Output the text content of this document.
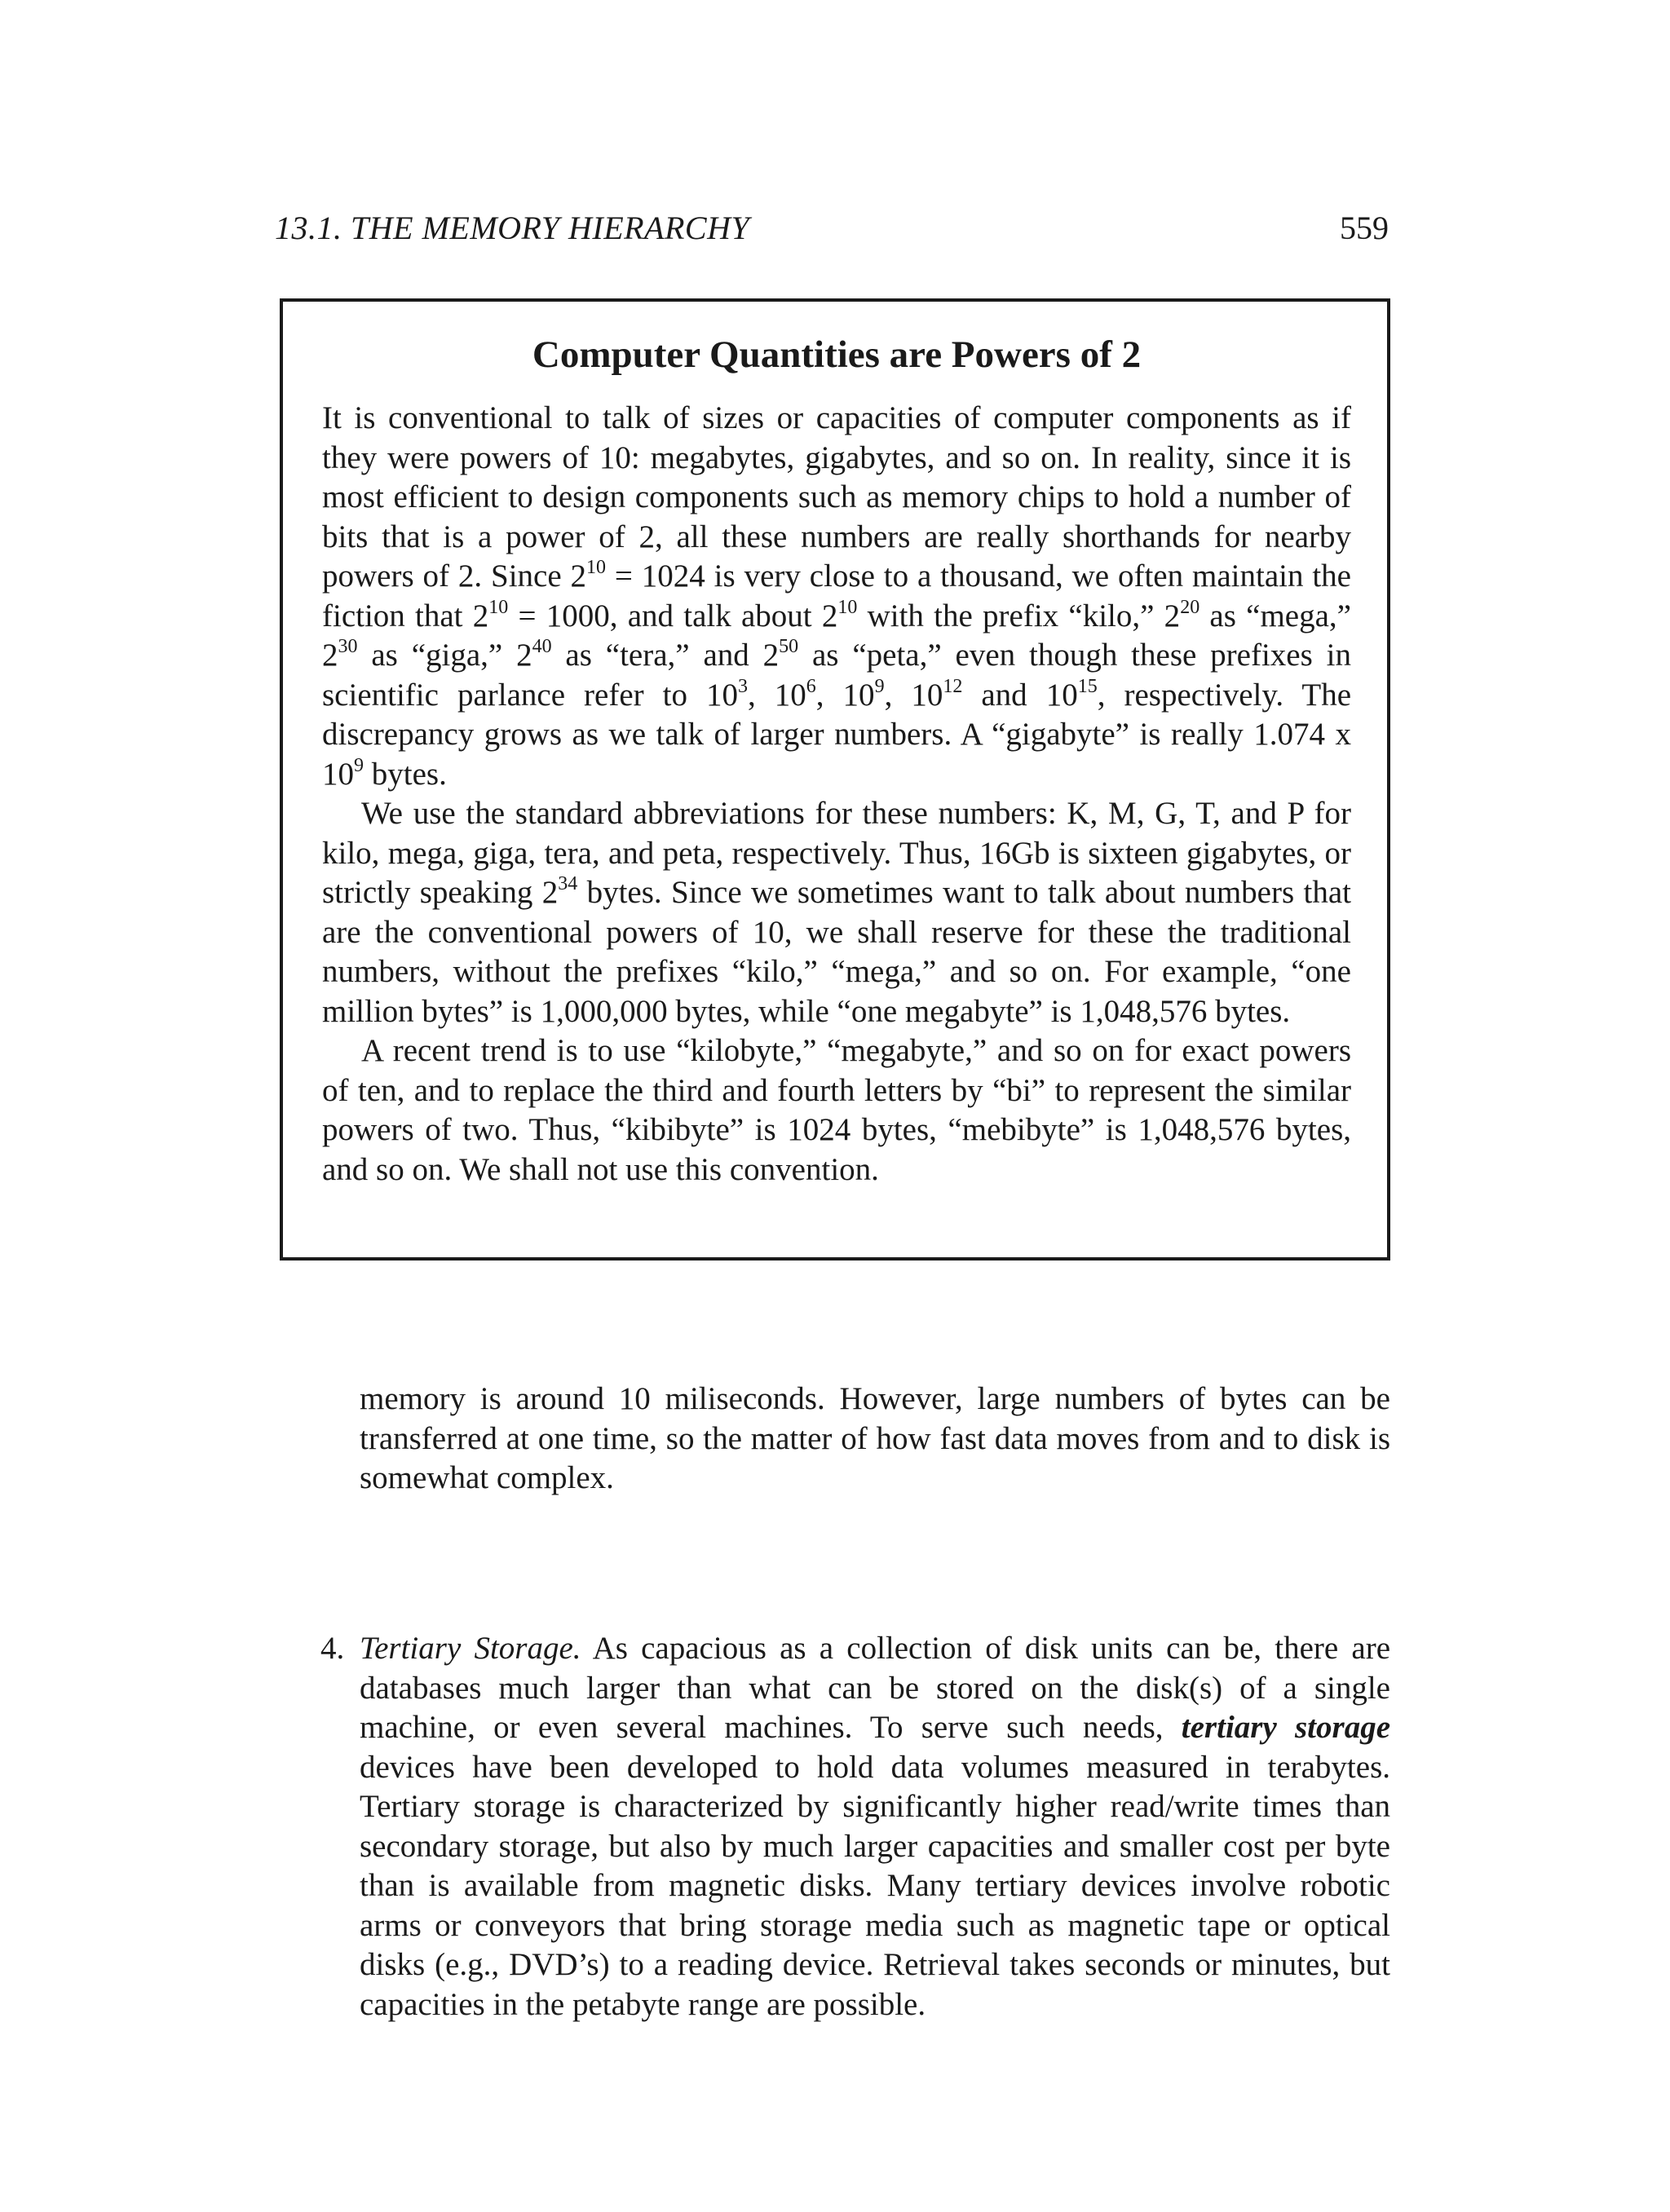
13.1. THE MEMORY HIERARCHY	559
Computer Quantities are Powers of 2

It is conventional to talk of sizes or capacities of computer components as if they were powers of 10: megabytes, gigabytes, and so on. In reality, since it is most efficient to design components such as memory chips to hold a number of bits that is a power of 2, all these numbers are really shorthands for nearby powers of 2. Since $2^{10} = 1024$ is very close to a thousand, we often maintain the fiction that $2^{10} = 1000$, and talk about $2^{10}$ with the prefix “kilo,” $2^{20}$ as “mega,” $2^{30}$ as “giga,” $2^{40}$ as “tera,” and $2^{50}$ as “peta,” even though these prefixes in scientific parlance refer to $10^3$, $10^6$, $10^9$, $10^{12}$ and $10^{15}$, respectively. The discrepancy grows as we talk of larger numbers. A “gigabyte” is really 1.074 x $10^9$ bytes.

We use the standard abbreviations for these numbers: K, M, G, T, and P for kilo, mega, giga, tera, and peta, respectively. Thus, 16Gb is sixteen gigabytes, or strictly speaking $2^{34}$ bytes. Since we sometimes want to talk about numbers that are the conventional powers of 10, we shall reserve for these the traditional numbers, without the prefixes “kilo,” “mega,” and so on. For example, “one million bytes” is 1,000,000 bytes, while “one megabyte” is 1,048,576 bytes.

A recent trend is to use “kilobyte,” “megabyte,” and so on for exact powers of ten, and to replace the third and fourth letters by “bi” to represent the similar powers of two. Thus, “kibibyte” is 1024 bytes, “mebibyte” is 1,048,576 bytes, and so on. We shall not use this convention.

memory is around 10 miliseconds. However, large numbers of bytes can be transferred at one time, so the matter of how fast data moves from and to disk is somewhat complex.

4. Tertiary Storage. As capacious as a collection of disk units can be, there are databases much larger than what can be stored on the disk(s) of a single machine, or even several machines. To serve such needs, tertiary storage devices have been developed to hold data volumes measured in terabytes. Tertiary storage is characterized by significantly higher read/write times than secondary storage, but also by much larger capacities and smaller cost per byte than is available from magnetic disks. Many tertiary devices involve robotic arms or conveyors that bring storage media such as magnetic tape or optical disks (e.g., DVD’s) to a reading device. Retrieval takes seconds or minutes, but capacities in the petabyte range are possible.
